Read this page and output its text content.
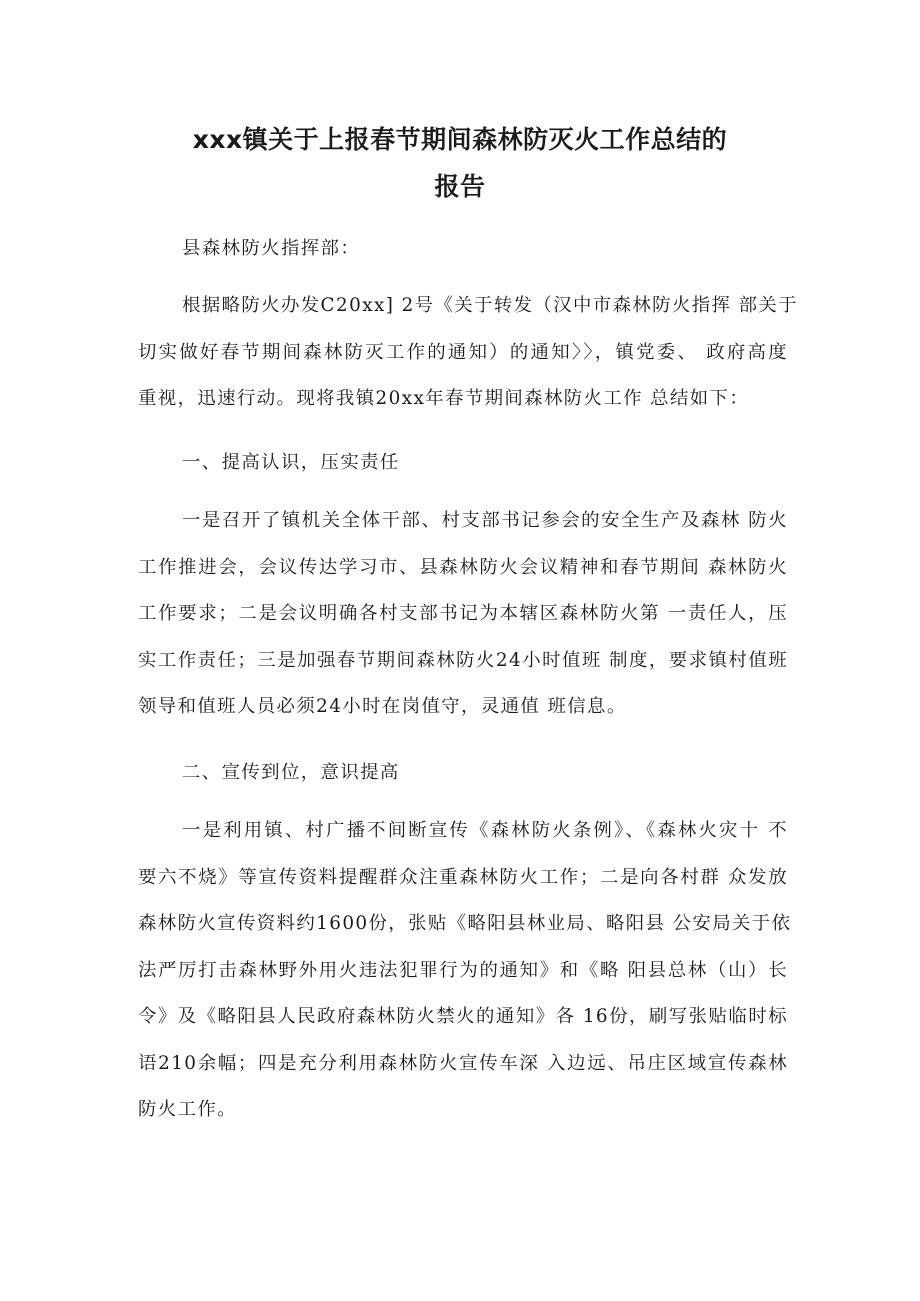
xxx镇关于上报春节期间森林防灭火工作总结的
报告

县森林防火指挥部：

根据略防火办发C20xx] 2号《关于转发（汉中市森林防火指挥 部关于
切实做好春节期间森林防灭工作的通知）的通知〉〉，镇党委、 政府高度
重视，迅速行动。现将我镇20xx年春节期间森林防火工作 总结如下：

一、提高认识，压实责任

一是召开了镇机关全体干部、村支部书记参会的安全生产及森林 防火
工作推进会，会议传达学习市、县森林防火会议精神和春节期间 森林防火
工作要求；二是会议明确各村支部书记为本辖区森林防火第 一责任人，压
实工作责任；三是加强春节期间森林防火24小时值班 制度，要求镇村值班
领导和值班人员必须24小时在岗值守，灵通值 班信息。

二、宣传到位，意识提高

一是利用镇、村广播不间断宣传《森林防火条例》、《森林火灾十 不
要六不烧》等宣传资料提醒群众注重森林防火工作；二是向各村群 众发放
森林防火宣传资料约1600份，张贴《略阳县林业局、略阳县 公安局关于依
法严厉打击森林野外用火违法犯罪行为的通知》和《略 阳县总林（山）长
令》及《略阳县人民政府森林防火禁火的通知》各 16份，刷写张贴临时标
语210余幅；四是充分利用森林防火宣传车深 入边远、吊庄区域宣传森林
防火工作。
